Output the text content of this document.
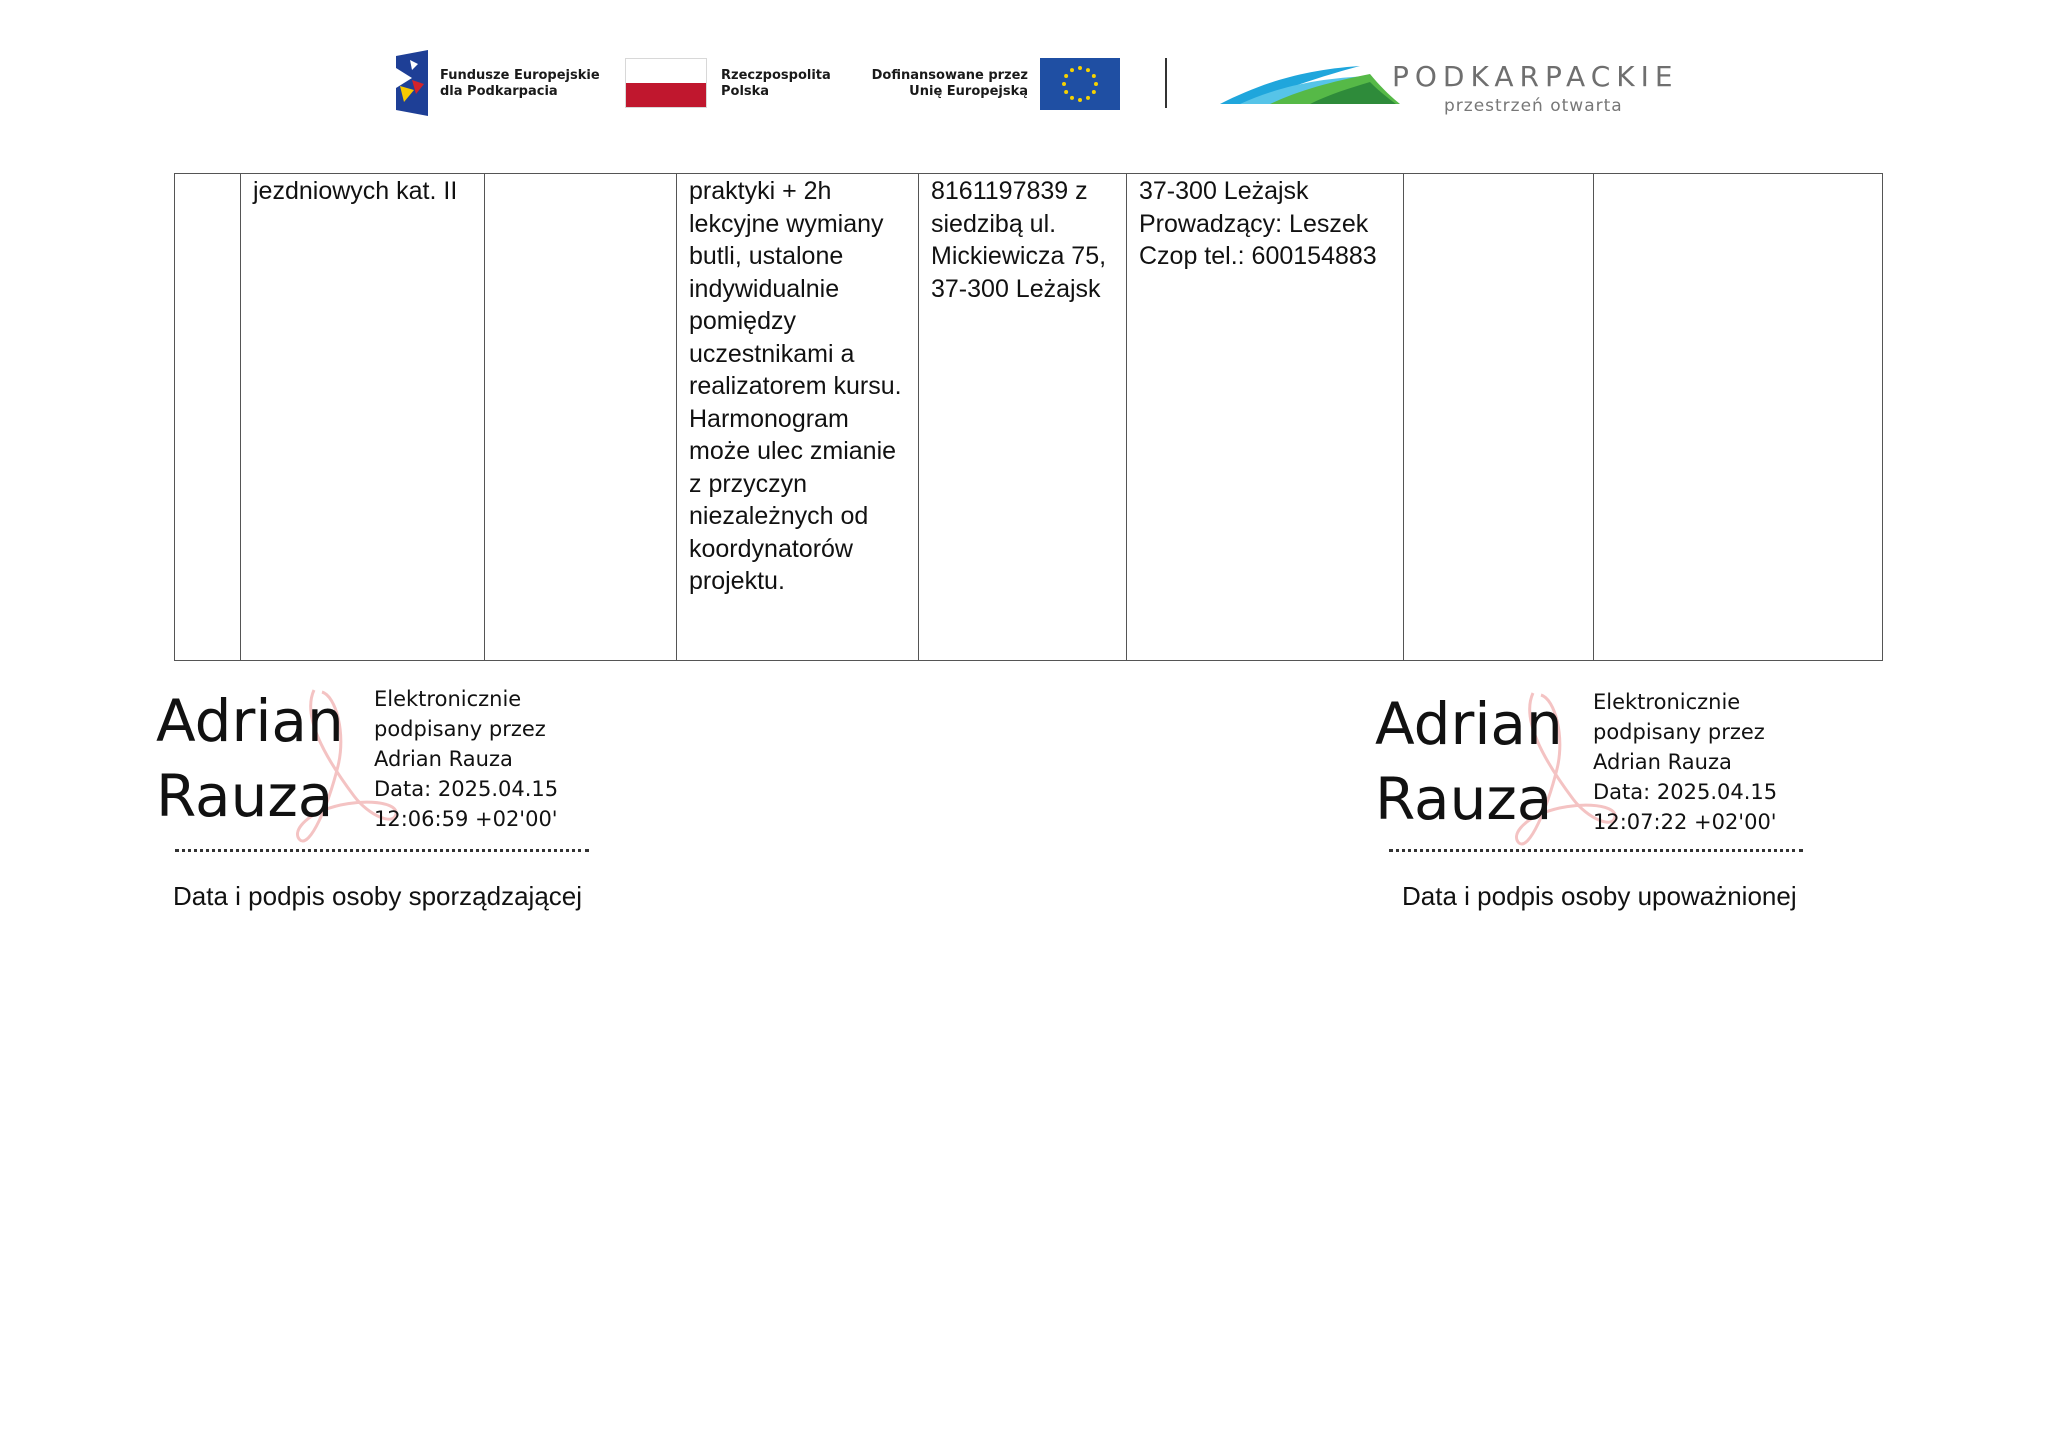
Fundusze Europejskie
dla Podkarpacia
Rzeczpospolita
Polska
Dofinansowane przez
Unię Europejską	PODKARPACKIE
przestrzeń otwarta
	jezdniowych kat. II		praktyki + 2h lekcyjne wymiany butli, ustalone indywidualnie pomiędzy uczestnikami a realizatorem kursu. Harmonogram może ulec zmianie z przyczyn niezależnych od koordynatorów projektu.	8161197839 z siedzibą ul. Mickiewicza 75, 37-300 Leżajsk	37-300 Leżajsk Prowadzący: Leszek Czop tel.: 600154883		
Adrian
Rauza
Elektronicznie
podpisany przez
Adrian Rauza
Data: 2025.04.15
12:06:59 +02'00'
Data i podpis osoby sporządzającej
Adrian
Rauza
Elektronicznie
podpisany przez
Adrian Rauza
Data: 2025.04.15
12:07:22 +02'00'
Data i podpis osoby upoważnionej
